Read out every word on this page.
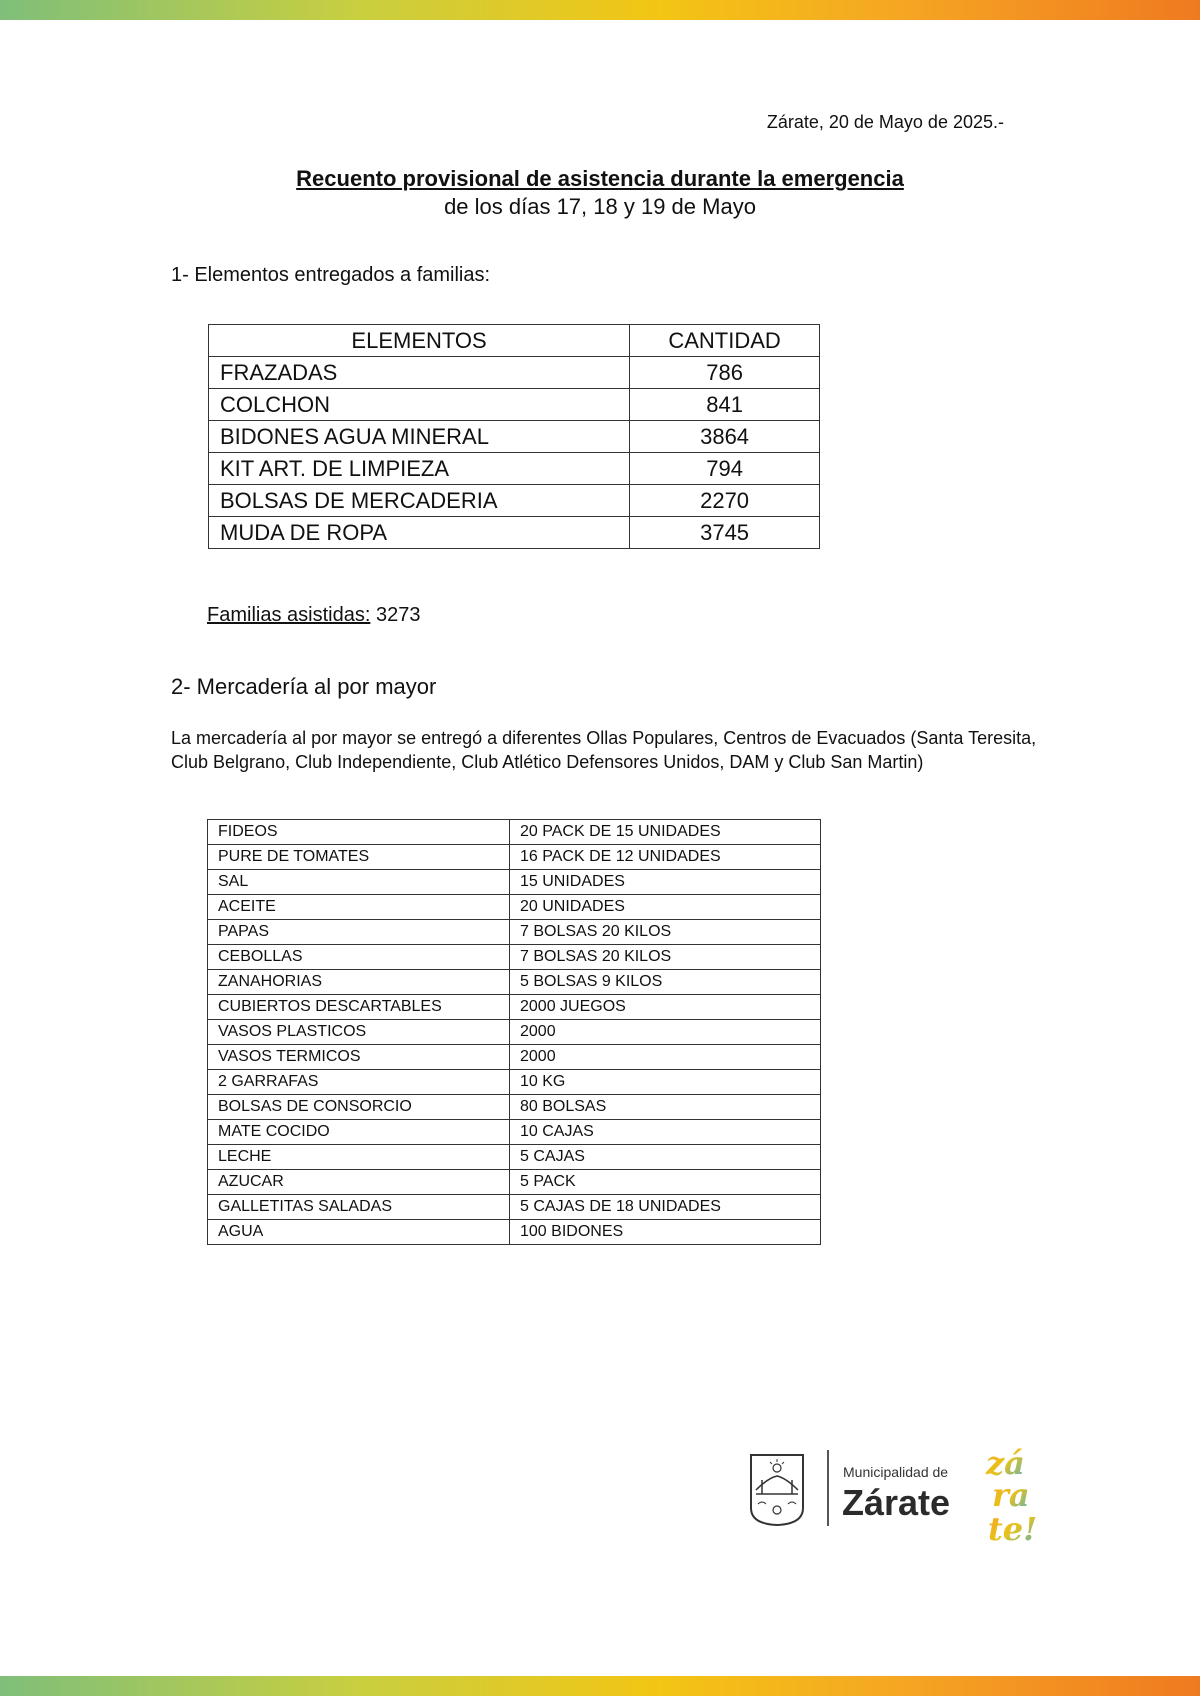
Zárate, 20 de Mayo de 2025.-
Recuento provisional de asistencia durante la emergencia
de los días 17, 18 y 19 de Mayo
1- Elementos entregados a familias:
ELEMENTOS	CANTIDAD
FRAZADAS	786
COLCHON	841
BIDONES AGUA MINERAL	3864
KIT ART. DE LIMPIEZA	794
BOLSAS DE MERCADERIA	2270
MUDA DE ROPA	3745
Familias asistidas: 3273
2- Mercadería al por mayor
La mercadería al por mayor se entregó a diferentes Ollas Populares, Centros de Evacuados (Santa Teresita, Club Belgrano, Club Independiente, Club Atlético Defensores Unidos, DAM y Club San Martin)
FIDEOS	20 PACK DE 15 UNIDADES
PURE DE TOMATES	16 PACK DE 12 UNIDADES
SAL	15 UNIDADES
ACEITE	20 UNIDADES
PAPAS	7 BOLSAS 20 KILOS
CEBOLLAS	7 BOLSAS 20 KILOS
ZANAHORIAS	5 BOLSAS 9 KILOS
CUBIERTOS DESCARTABLES	2000 JUEGOS
VASOS PLASTICOS	2000
VASOS TERMICOS	2000
2 GARRAFAS	10 KG
BOLSAS DE CONSORCIO	80 BOLSAS
MATE COCIDO	10 CAJAS
LECHE	5 CAJAS
AZUCAR	5 PACK
GALLETITAS SALADAS	5 CAJAS DE 18 UNIDADES
AGUA	100 BIDONES
Municipalidad de
Zárate
zá
ra
te!
